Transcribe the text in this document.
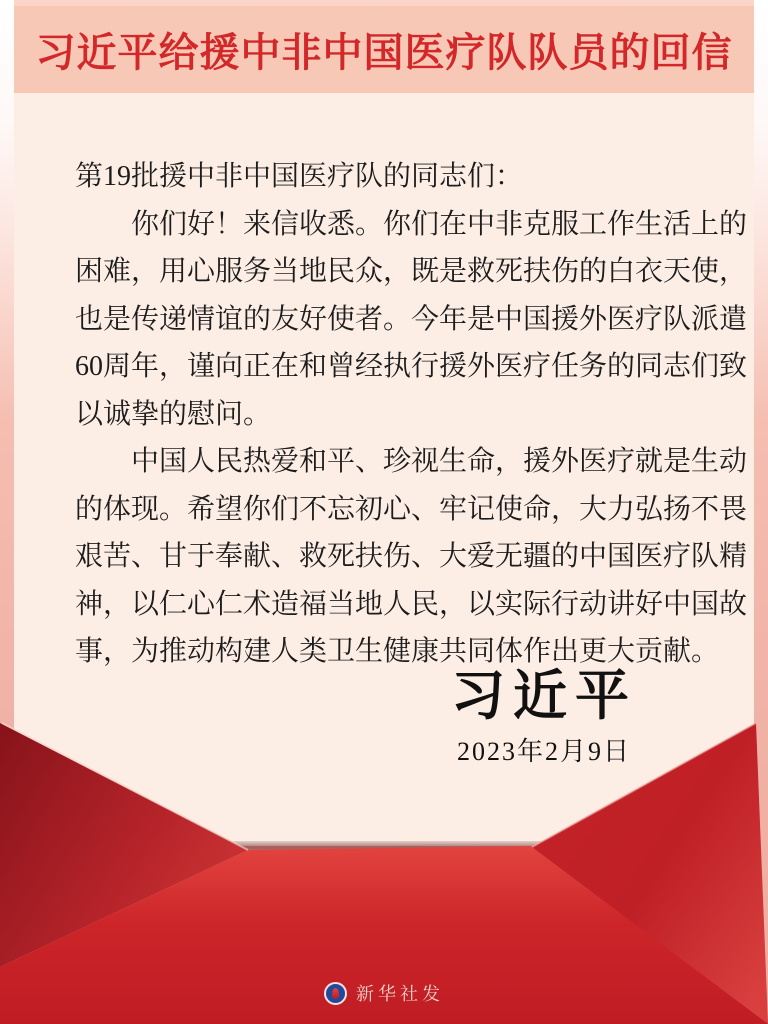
习近平给援中非中国医疗队队员的回信
第19批援中非中国医疗队的同志们：
你们好！来信收悉。你们在中非克服工作生活上的
困难，用心服务当地民众，既是救死扶伤的白衣天使，
也是传递情谊的友好使者。今年是中国援外医疗队派遣
60周年，谨向正在和曾经执行援外医疗任务的同志们致
以诚挚的慰问。
中国人民热爱和平、珍视生命，援外医疗就是生动
的体现。希望你们不忘初心、牢记使命，大力弘扬不畏
艰苦、甘于奉献、救死扶伤、大爱无疆的中国医疗队精
神，以仁心仁术造福当地人民，以实际行动讲好中国故
事，为推动构建人类卫生健康共同体作出更大贡献。
习近平
2023年2月9日
新华社发
